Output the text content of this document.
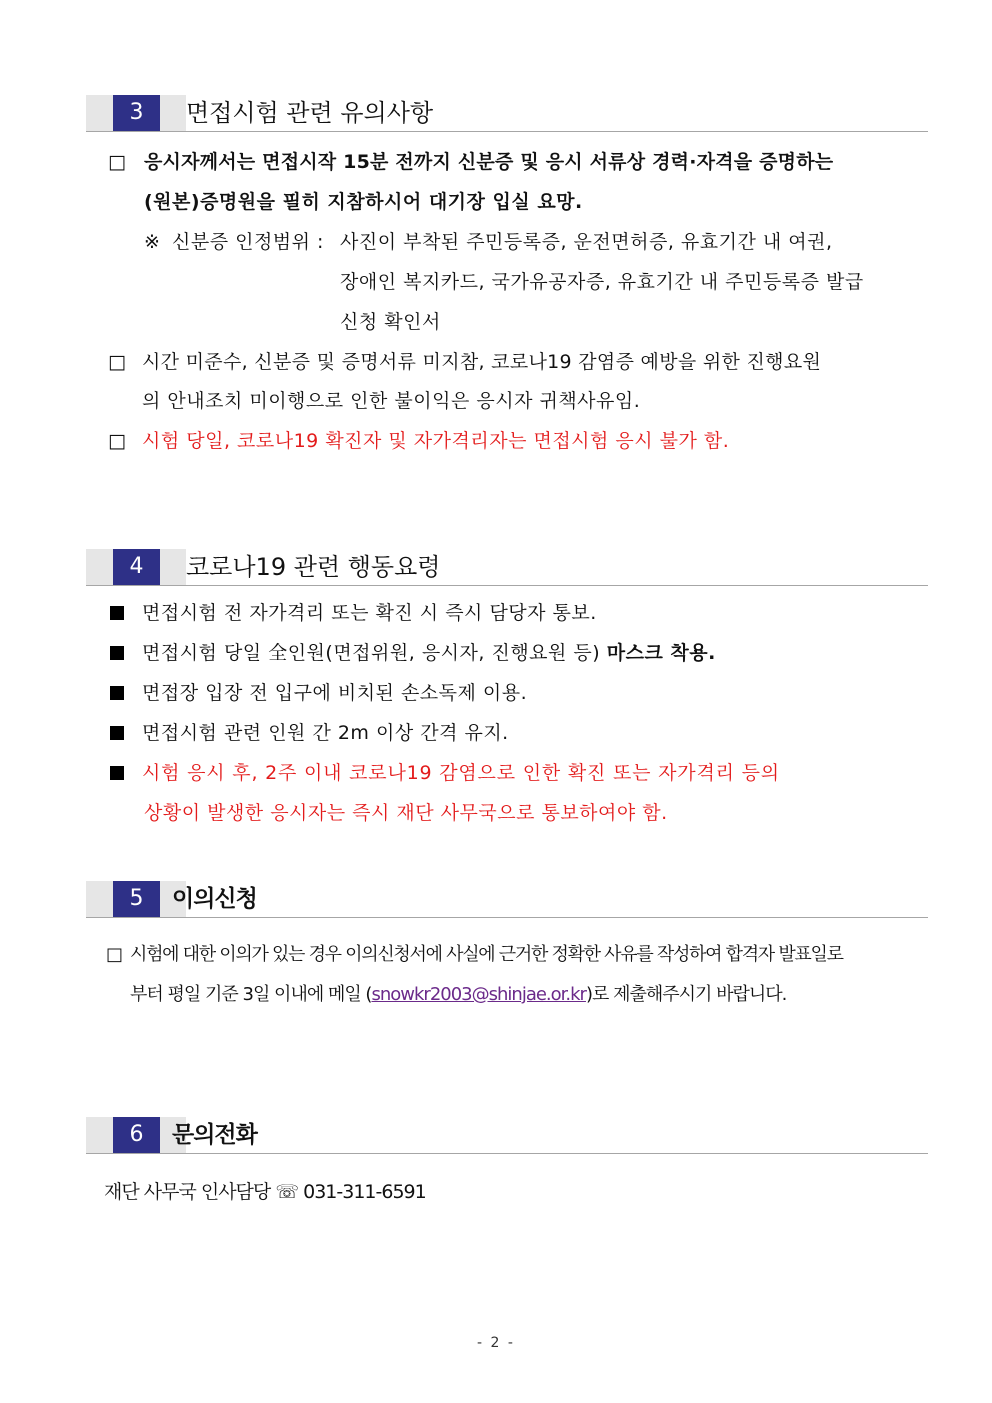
3	면접시험 관련 유의사항
□ 응시자께서는 면접시작 15분 전까지 신분증 및 응시 서류상 경력·자격을 증명하는
(원본)증명원을 필히 지참하시어 대기장 입실 요망.
※ 신분증 인정범위 : 사진이 부착된 주민등록증, 운전면허증, 유효기간 내 여권,
장애인 복지카드, 국가유공자증, 유효기간 내 주민등록증 발급
신청 확인서
□ 시간 미준수, 신분증 및 증명서류 미지참, 코로나19 감염증 예방을 위한 진행요원
의 안내조치 미이행으로 인한 불이익은 응시자 귀책사유임.
□ 시험 당일, 코로나19 확진자 및 자가격리자는 면접시험 응시 불가 함.
4	코로나19 관련 행동요령
면접시험 전 자가격리 또는 확진 시 즉시 담당자 통보.
면접시험 당일 全인원(면접위원, 응시자, 진행요원 등) 마스크 착용.
면접장 입장 전 입구에 비치된 손소독제 이용.
면접시험 관련 인원 간 2m 이상 간격 유지.
시험 응시 후, 2주 이내 코로나19 감염으로 인한 확진 또는 자가격리 등의
상황이 발생한 응시자는 즉시 재단 사무국으로 통보하여야 함.
5	이의신청
□ 시험에 대한 이의가 있는 경우 이의신청서에 사실에 근거한 정확한 사유를 작성하여 합격자 발표일로
부터 평일 기준 3일 이내에 메일 (snowkr2003@shinjae.or.kr)로 제출해주시기 바랍니다.
6	문의전화
재단 사무국 인사담당 ☏ 031-311-6591
- 2 -
